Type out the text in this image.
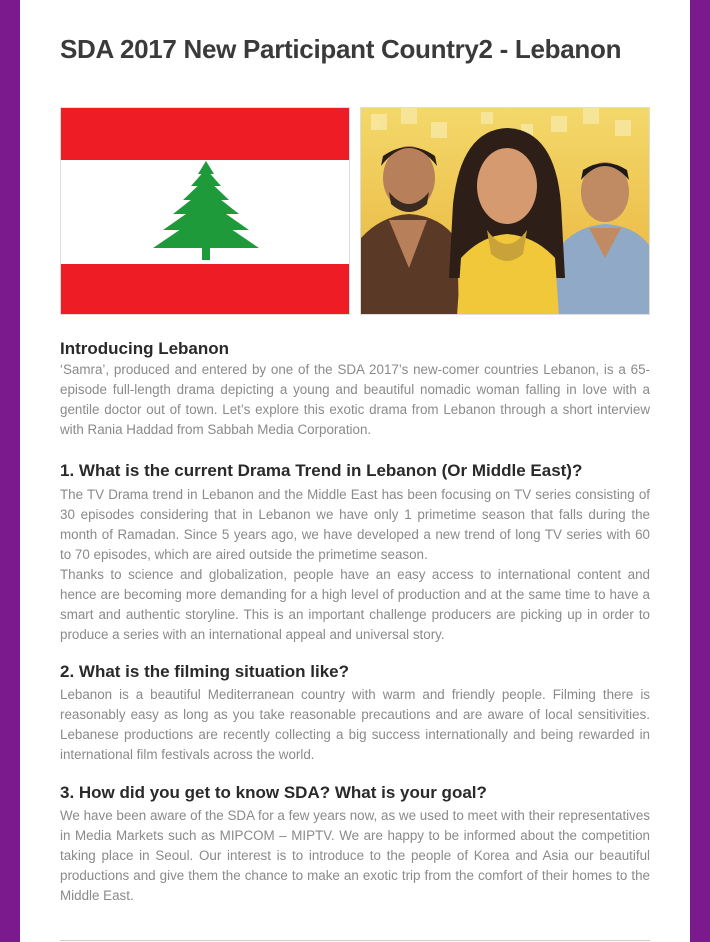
SDA 2017 New Participant Country2 - Lebanon
Introducing Lebanon

‘Samra’, produced and entered by one of the SDA 2017’s new-comer countries Lebanon, is a 65-episode full-length drama depicting a young and beautiful nomadic woman falling in love with a gentile doctor out of town. Let’s explore this exotic drama from Lebanon through a short interview with Rania Haddad from Sabbah Media Corporation.

1. What is the current Drama Trend in Lebanon (Or Middle East)?

The TV Drama trend in Lebanon and the Middle East has been focusing on TV series consisting of 30 episodes considering that in Lebanon we have only 1 primetime season that falls during the month of Ramadan. Since 5 years ago, we have developed a new trend of long TV series with 60 to 70 episodes, which are aired outside the primetime season.

Thanks to science and globalization, people have an easy access to international content and hence are becoming more demanding for a high level of production and at the same time to have a smart and authentic storyline. This is an important challenge producers are picking up in order to produce a series with an international appeal and universal story.

2. What is the filming situation like?

Lebanon is a beautiful Mediterranean country with warm and friendly people. Filming there is reasonably easy as long as you take reasonable precautions and are aware of local sensitivities. Lebanese productions are recently collecting a big success internationally and being rewarded in international film festivals across the world.

3. How did you get to know SDA? What is your goal?

We have been aware of the SDA for a few years now, as we used to meet with their representatives in Media Markets such as MIPCOM – MIPTV. We are happy to be informed about the competition taking place in Seoul. Our interest is to introduce to the people of Korea and Asia our beautiful productions and give them the chance to make an exotic trip from the comfort of their homes to the Middle East.
